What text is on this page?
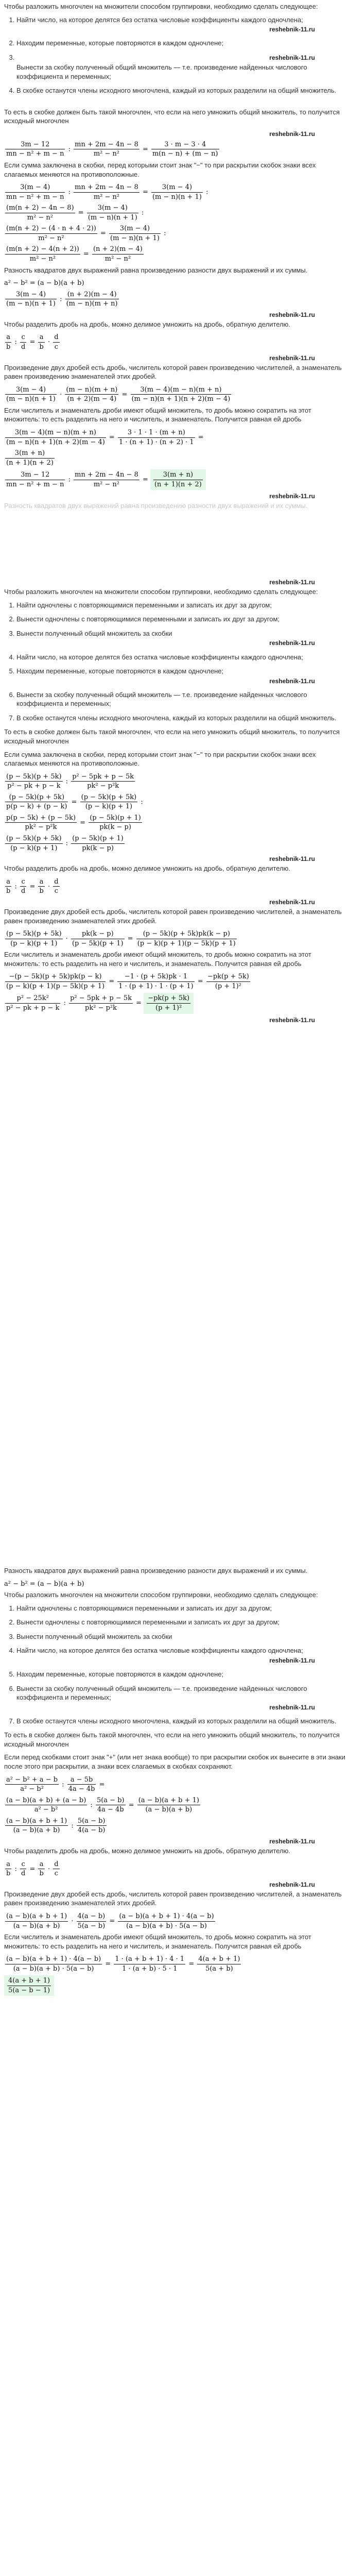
Чтобы разложить многочлен на множители способом группировки, необходимо сделать следующее:

1. Найти число, на которое делятся без остатка числовые коэффициенты каждого одночлена;
reshebnik-11.ru
2. Находим переменные, которые повторяются в каждом одночлене;
3. reshebnik-11.ru
Вынести за скобку полученный общий множитель — т.е. произведение найденных числового коэффициента и переменных;
4. В скобке останутся члены исходного многочлена, каждый из которых разделили на общий множитель.

То есть в скобке должен быть такой многочлен, что если на него умножить общий множитель, то получится исходный многочлен

reshebnik-11.ru
$\frac{3m - 12}{\text{mn − n² + m − n}}$ : $\frac{mn + 2m - 4n - 8}{\text{m² − n²}} = \frac{3 \cdot m - 3 \cdot 4}{m(n - n) + (m - n)}$

Если сумма заключена в скобки, перед которыми стоит знак "−" то при раскрытии скобок знаки всех слагаемых меняются на противоположные.

$\frac{3(m - 4)}{\text{mn − n² + m − n}}$ : $\frac{mn + 2m - 4n - 8}{\text{m² − n²}} = \frac{3(m - 4)}{(m - n)(n + 1)}$ :
$\frac{(m(n + 2) - 4n - 8)}{\text{m² − n²}} = \frac{3(m - 4)}{(m - n)(n + 1)}$ :
$\frac{(m(n + 2) - (4 \cdot n + 4 \cdot 2))}{\text{m² − n²}} = \frac{3(m - 4)}{(m - n)(n + 1)}$ :
$\frac{(m(n + 2) - 4(n + 2))}{\text{m² − n²}} = \frac{(n + 2)(m - 4)}{\text{m² − n²}}$

Разность квадратов двух выражений равна произведению разности двух выражений и их суммы.

a² − b² = (a − b)(a + b)
$\frac{3(m - 4)}{(m - n)(n + 1)}$ : $\frac{(n + 2)(m - 4)}{(m - n)(m + n)}$
reshebnik-11.ru

Чтобы разделить дробь на дробь, можно делимое умножить на дробь, обратную делителю.

$\frac{a}{b}$ : $\frac{c}{d} = \frac{a}{b} \cdot \frac{d}{c}$
reshebnik-11.ru

Произведение двух дробей есть дробь, числитель которой равен произведению числителей, а знаменатель равен произведению знаменателей этих дробей.

$\frac{3(m - 4)}{(m - n)(n + 1)} \cdot \frac{(m - n)(m + n)}{(n + 2)(m - 4)} = \frac{3(m - 4)(m - n)(m + n)}{(m - n)(n + 1)(n + 2)(m - 4)}$

Если числитель и знаменатель дроби имеют общий множитель, то дробь можно сократить на этот множитель: то есть разделить на него и числитель, и знаменатель. Получится равная ей дробь

$\frac{3(m - 4)(m - n)(m + n)}{(m - n)(n + 1)(n + 2)(m - 4)} = \frac{3 \cdot 1 \cdot 1 \cdot (m + n)}{1 \cdot (n + 1) \cdot (n + 2) \cdot 1}$ =
$\frac{3(m + n)}{(n + 1)(n + 2)}$
$\frac{3m - 12}{\text{mn − n² + m − n}}$ : $\frac{mn + 2m - 4n - 8}{\text{m² − n²}} = \frac{3(m + n)}{(n + 1)(n + 2)}$
reshebnik-11.ru

Разность квадратов двух выражений равна произведению разности двух выражений и их суммы.

reshebnik-11.ru

Чтобы разложить многочлен на множители способом группировки, необходимо сделать следующее:

1. Найти одночлены с повторяющимися переменными и записать их друг за другом;
2. Вынести одночлены с повторяющимися переменными и записать их друг за другом;
3. Вынести полученный общий множитель за скобки
reshebnik-11.ru
4. Найти число, на которое делятся без остатка числовые коэффициенты каждого одночлена;
5. Находим переменные, которые повторяются в каждом одночлене;
reshebnik-11.ru
6. Вынести за скобку полученный общий множитель — т.е. произведение найденных числового коэффициента и переменных;
7. В скобке останутся члены исходного многочлена, каждый из которых разделили на общий множитель.

То есть в скобке должен быть такой многочлен, что если на него умножить общий множитель, то получится исходный многочлен

Если сумма заключена в скобки, перед которыми стоит знак "−" то при раскрытии скобок знаки всех слагаемых меняются на противоположные.

$\frac{(p - 5k)(p + 5k)}{\text{p² − pk + p − k}}$ : $\frac{\text{p² − 5pk + p − 5k}}{\text{pk² − p²k}}$
$\frac{(p - 5k)(p + 5k)}{p(p - k) + (p - k)} = \frac{(p - 5k)(p + 5k)}{(p - k)(p + 1)}$ :
$\frac{p(p - 5k) + (p - 5k)}{\text{pk² − p²k}} = \frac{(p - 5k)(p + 1)}{pk(k - p)}$
$\frac{(p - 5k)(p + 5k)}{(p - k)(p + 1)}$ : $\frac{(p - 5k)(p + 1)}{pk(k - p)}$
reshebnik-11.ru

Чтобы разделить дробь на дробь, можно делимое умножить на дробь, обратную делителю.

$\frac{a}{b}$ : $\frac{c}{d} = \frac{a}{b} \cdot \frac{d}{c}$
reshebnik-11.ru

Произведение двух дробей есть дробь, числитель которой равен произведению числителей, а знаменатель равен произведению знаменателей этих дробей.

$\frac{(p - 5k)(p + 5k)}{(p - k)(p + 1)} \cdot \frac{pk(k - p)}{(p - 5k)(p + 1)} = \frac{(p - 5k)(p + 5k)pk(k - p)}{(p - k)(p + 1)(p - 5k)(p + 1)}$

Если числитель и знаменатель дроби имеют общий множитель, то дробь можно сократить на этот множитель: то есть разделить на него и числитель, и знаменатель. Получится равная ей дробь

$\frac{-(p - 5k)(p + 5k)pk(p - k)}{(p - k)(p + 1)(p - 5k)(p + 1)} = \frac{-1 \cdot (p + 5k)pk \cdot 1}{1 \cdot (p + 1) \cdot 1 \cdot (p + 1)} = \frac{-pk(p + 5k)}{\text{(p + 1)²}}$
$\frac{\text{p² − 25k²}}{\text{p² − pk + p − k}}$ : $\frac{\text{p² − 5pk + p − 5k}}{\text{pk² − p²k}} = \frac{-pk(p + 5k)}{\text{(p + 1)²}}$
reshebnik-11.ru

Разность квадратов двух выражений равна произведению разности двух выражений и их суммы.

a² − b² = (a − b)(a + b)

Чтобы разложить многочлен на множители способом группировки, необходимо сделать следующее:

1. Найти одночлены с повторяющимися переменными и записать их друг за другом;
2. Вынести одночлены с повторяющимися переменными и записать их друг за другом;
3. Вынести полученный общий множитель за скобки
4. Найти число, на которое делятся без остатка числовые коэффициенты каждого одночлена;
reshebnik-11.ru
5. Находим переменные, которые повторяются в каждом одночлене;
6. Вынести за скобку полученный общий множитель — т.е. произведение найденных числового коэффициента и переменных;
reshebnik-11.ru
7. В скобке останутся члены исходного многочлена, каждый из которых разделили на общий множитель.

То есть в скобке должен быть такой многочлен, что если на него умножить общий множитель, то получится исходный многочлен

Если перед скобками стоит знак "+" (или нет знака вообще) то при раскрытии скобок их вынесите в эти знаки после этого при раскрытии, а знаки всех слагаемых в скобках сохраняют.

$\frac{\text{a² − b² + a − b}}{\text{a² − b²}}$ : $\frac{a - 5b}{4a - 4b}$ =
$\frac{(a - b)(a + b) + (a - b)}{\text{a² − b²}}$ : $\frac{5(a - b)}{4a - 4b} = \frac{(a - b)(a + b + 1)}{(a - b)(a + b)}$
$\frac{(a - b)(a + b + 1)}{(a - b)(a + b)}$ : $\frac{5(a - b)}{4(a - b)}$
reshebnik-11.ru

Чтобы разделить дробь на дробь, можно делимое умножить на дробь, обратную делителю.

$\frac{a}{b}$ : $\frac{c}{d} = \frac{a}{b} \cdot \frac{d}{c}$
reshebnik-11.ru

Произведение двух дробей есть дробь, числитель которой равен произведению числителей, а знаменатель равен произведению знаменателей этих дробей.

$\frac{(a - b)(a + b + 1)}{(a - b)(a + b)} \cdot \frac{4(a - b)}{5(a - b)} = \frac{(a - b)(a + b + 1) \cdot 4(a - b)}{(a - b)(a + b) \cdot 5(a - b)}$

Если числитель и знаменатель дроби имеют общий множитель, то дробь можно сократить на этот множитель: то есть разделить на него и числитель, и знаменатель. Получится равная ей дробь

$\frac{(a - b)(a + b + 1) \cdot 4(a - b)}{(a - b)(a + b) \cdot 5(a - b)} = \frac{1 \cdot (a + b + 1) \cdot 4 \cdot 1}{1 \cdot (a + b) \cdot 5 \cdot 1} = \frac{4(a + b + 1)}{5(a + b)}$
$\frac{4(a + b + 1)}{5(a - b - 1)}$
